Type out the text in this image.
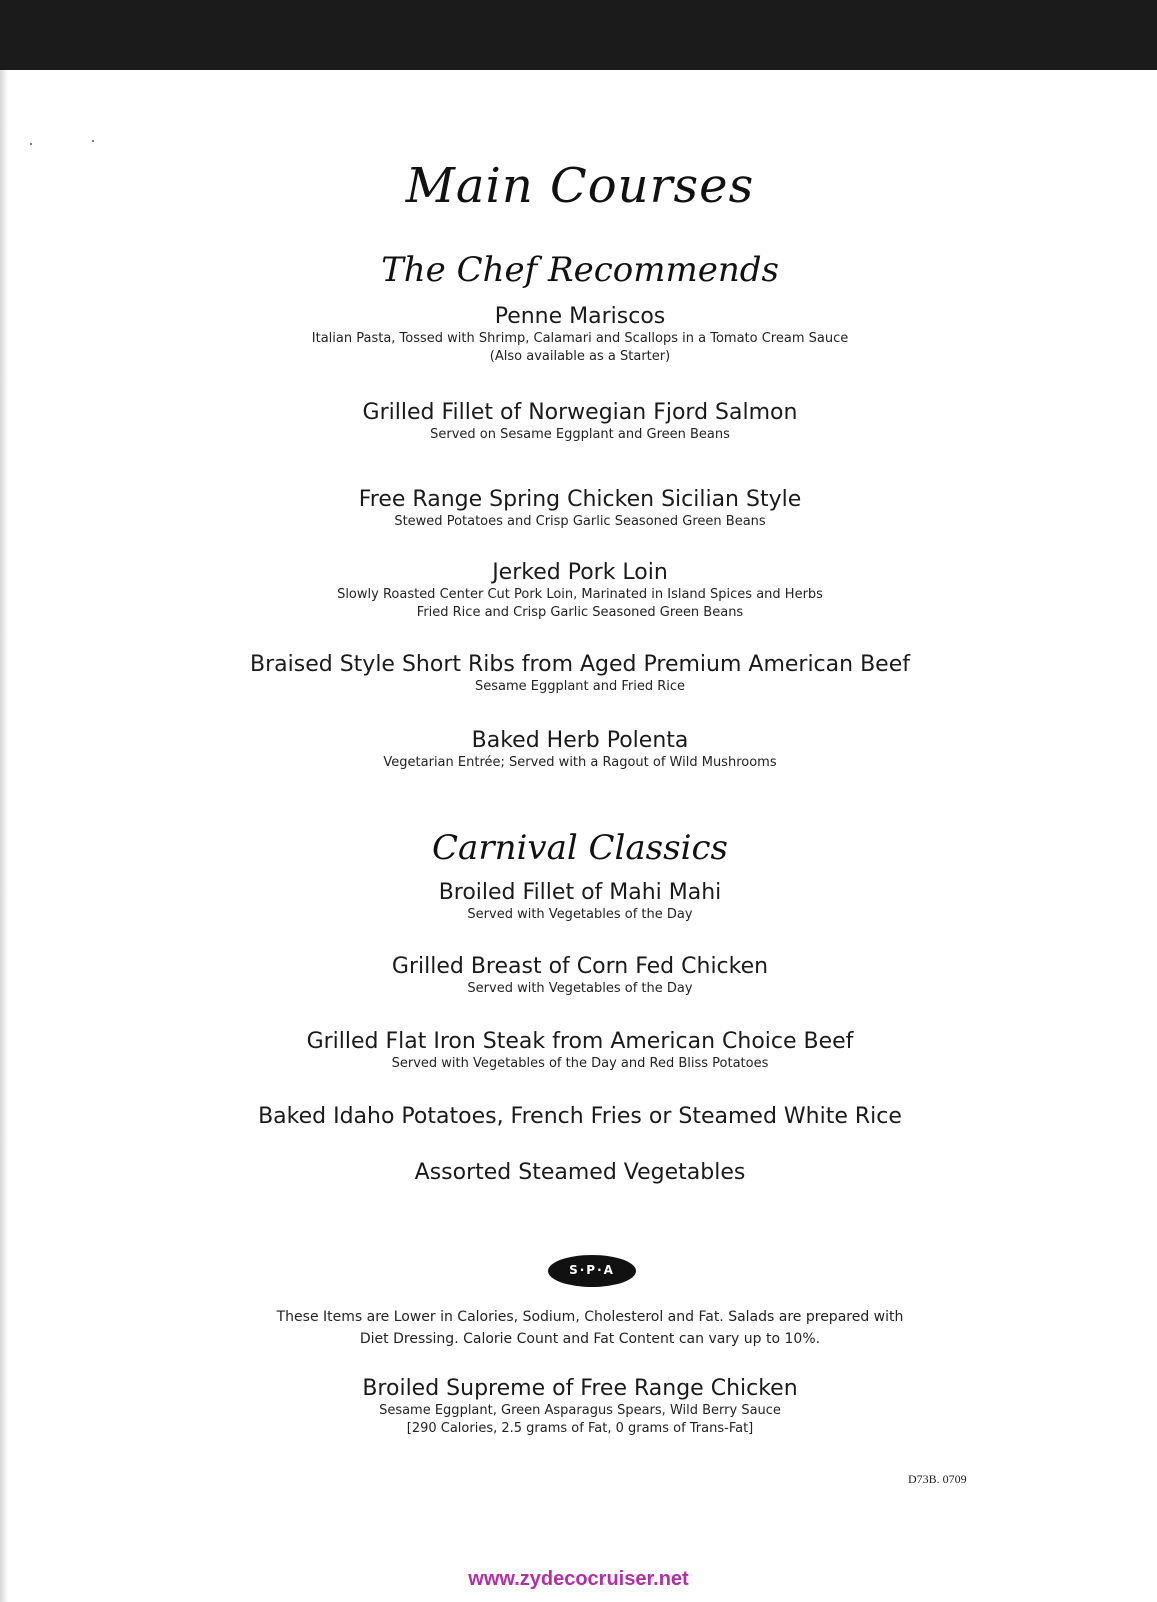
Main Courses
The Chef Recommends
Penne Mariscos
Italian Pasta, Tossed with Shrimp, Calamari and Scallops in a Tomato Cream Sauce
(Also available as a Starter)
Grilled Fillet of Norwegian Fjord Salmon
Served on Sesame Eggplant and Green Beans
Free Range Spring Chicken Sicilian Style
Stewed Potatoes and Crisp Garlic Seasoned Green Beans
Jerked Pork Loin
Slowly Roasted Center Cut Pork Loin, Marinated in Island Spices and Herbs
Fried Rice and Crisp Garlic Seasoned Green Beans
Braised Style Short Ribs from Aged Premium American Beef
Sesame Eggplant and Fried Rice
Baked Herb Polenta
Vegetarian Entrée; Served with a Ragout of Wild Mushrooms
Carnival Classics
Broiled Fillet of Mahi Mahi
Served with Vegetables of the Day
Grilled Breast of Corn Fed Chicken
Served with Vegetables of the Day
Grilled Flat Iron Steak from American Choice Beef
Served with Vegetables of the Day and Red Bliss Potatoes
Baked Idaho Potatoes, French Fries or Steamed White Rice
Assorted Steamed Vegetables
S·P·A
These Items are Lower in Calories, Sodium, Cholesterol and Fat. Salads are prepared with
Diet Dressing. Calorie Count and Fat Content can vary up to 10%.
Broiled Supreme of Free Range Chicken
Sesame Eggplant, Green Asparagus Spears, Wild Berry Sauce
[290 Calories, 2.5 grams of Fat, 0 grams of Trans-Fat]
D73B. 0709
www.zydecocruiser.net
